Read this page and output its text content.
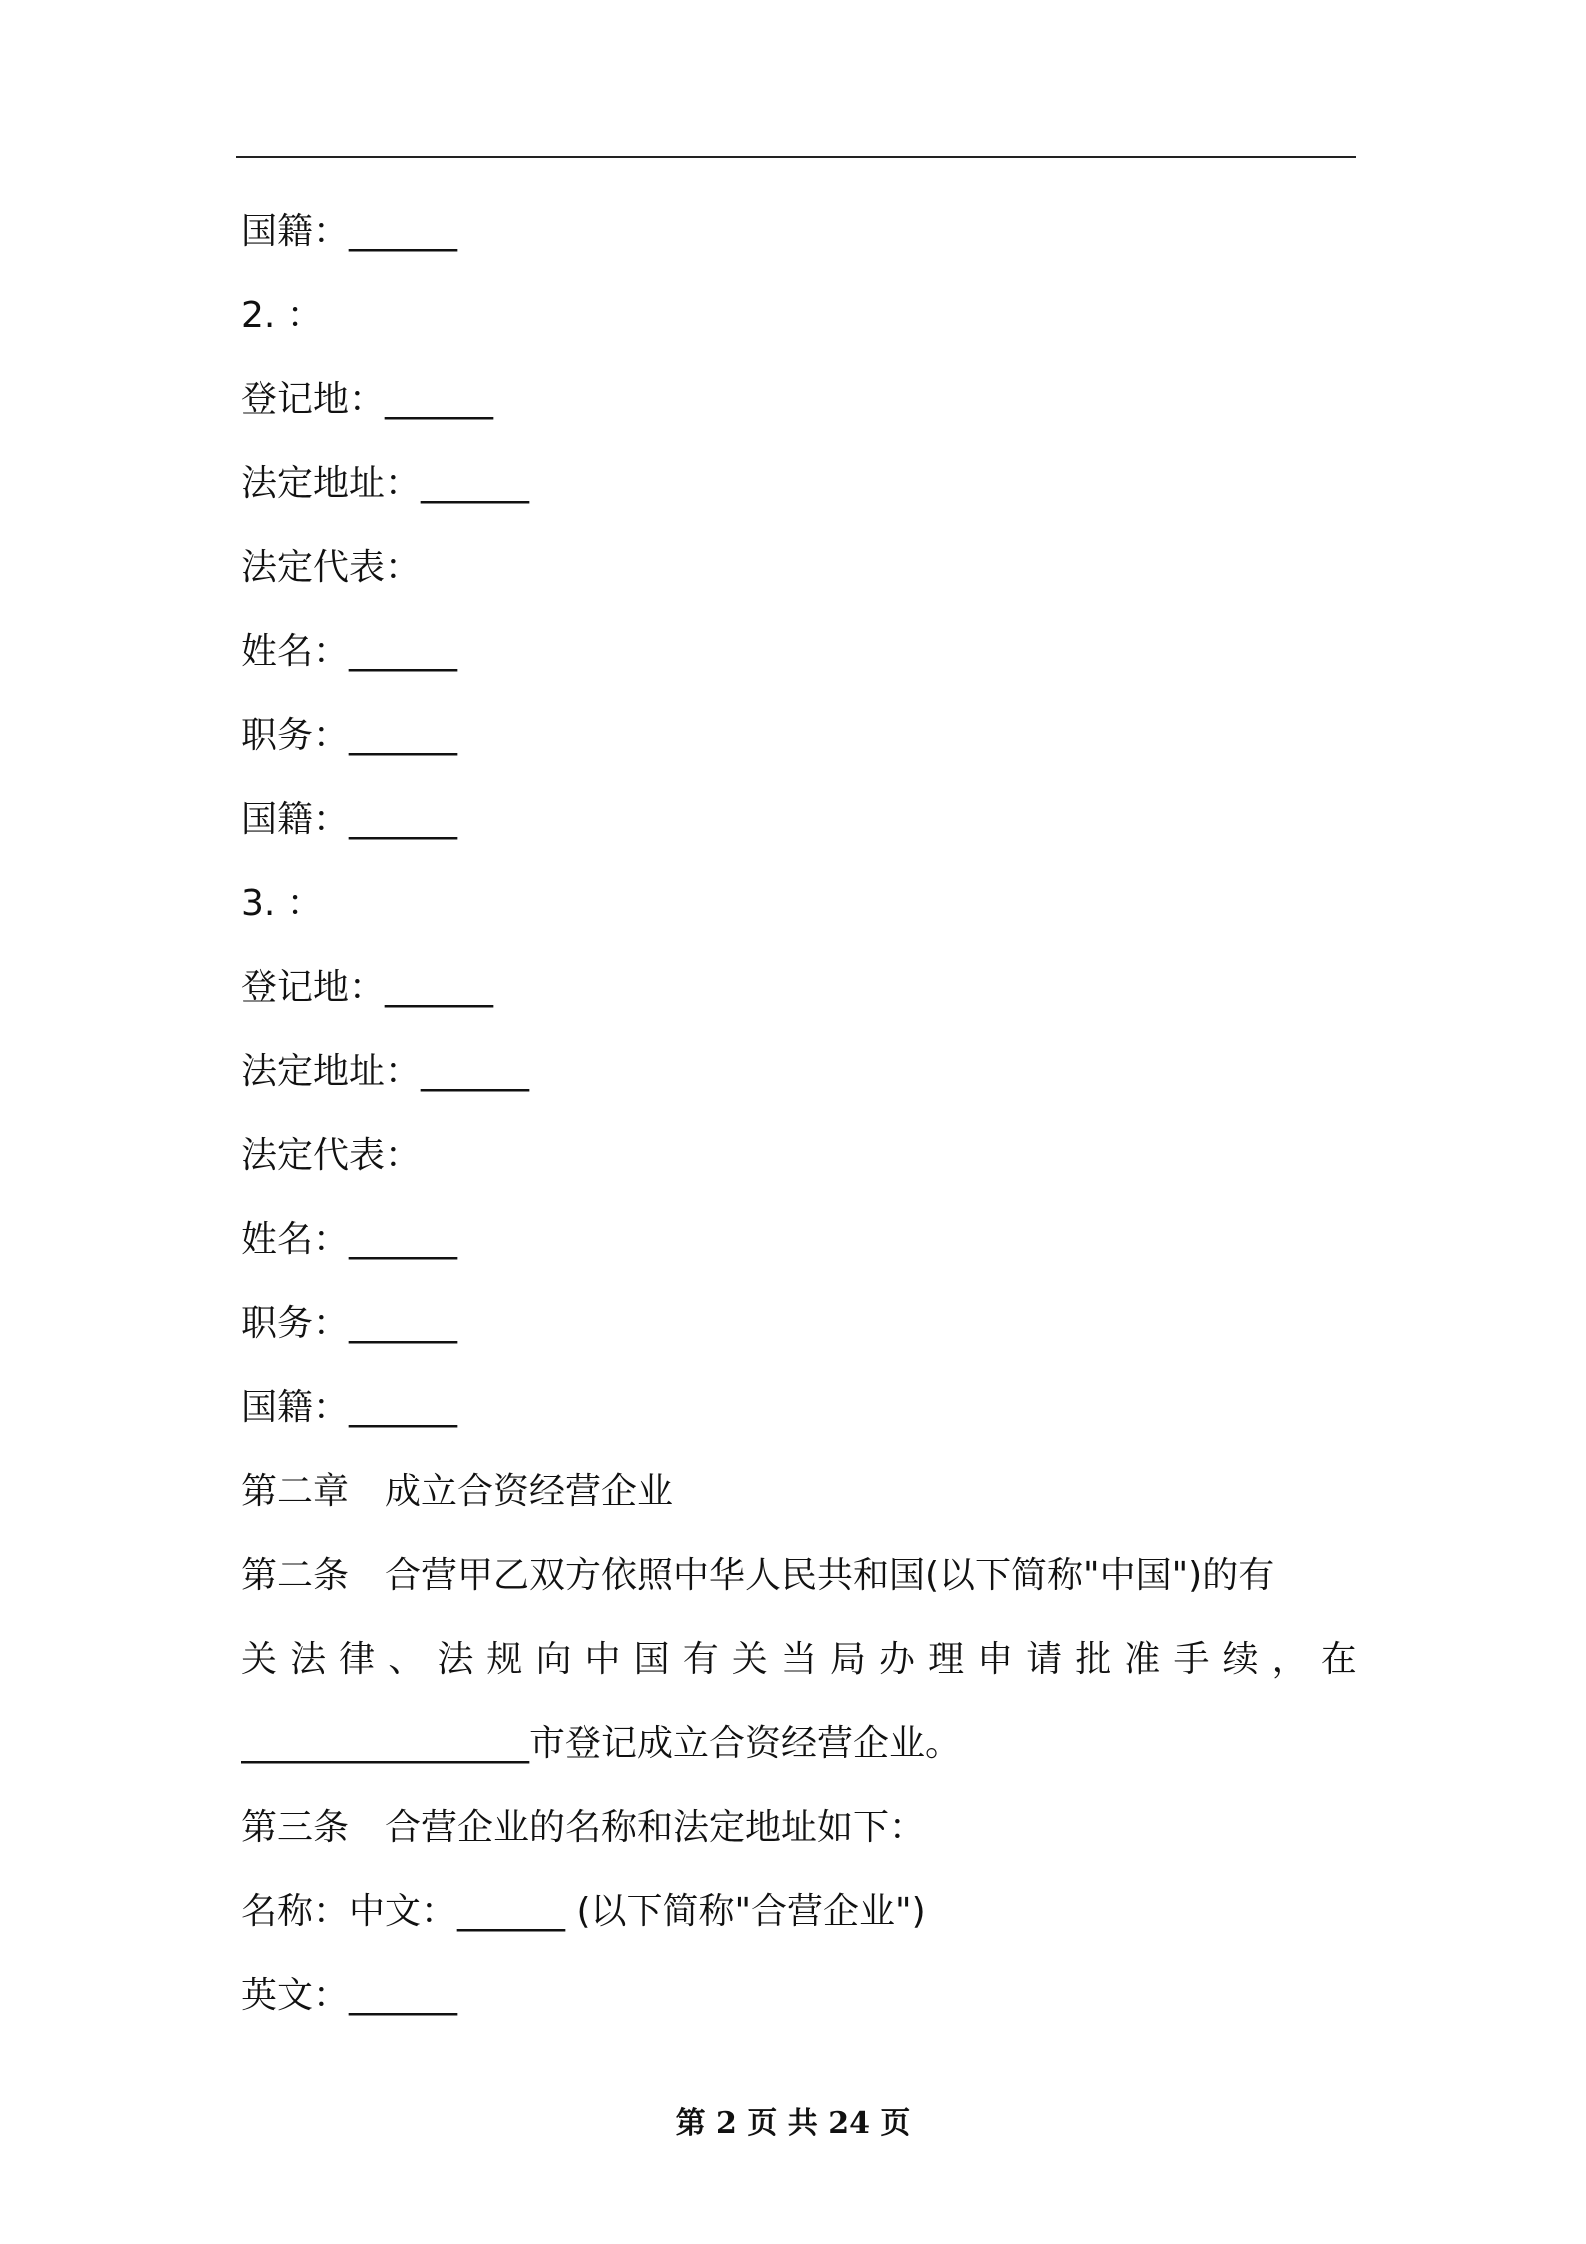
国籍：______
2. ：
登记地：______
法定地址：______
法定代表：
姓名：______
职务：______
国籍：______
3. ：
登记地：______
法定地址：______
法定代表：
姓名：______
职务：______
国籍：______
第二章　成立合资经营企业
第二条　合营甲乙双方依照中华人民共和国(以下简称"中国")的有
关 法 律 、 法 规 向 中 国 有 关 当 局 办 理 申 请 批 准 手 续 ， 在
________________市登记成立合资经营企业。
第三条　合营企业的名称和法定地址如下：
名称：中文：______ (以下简称"合营企业")
英文：______
第 2 页 共 24 页
